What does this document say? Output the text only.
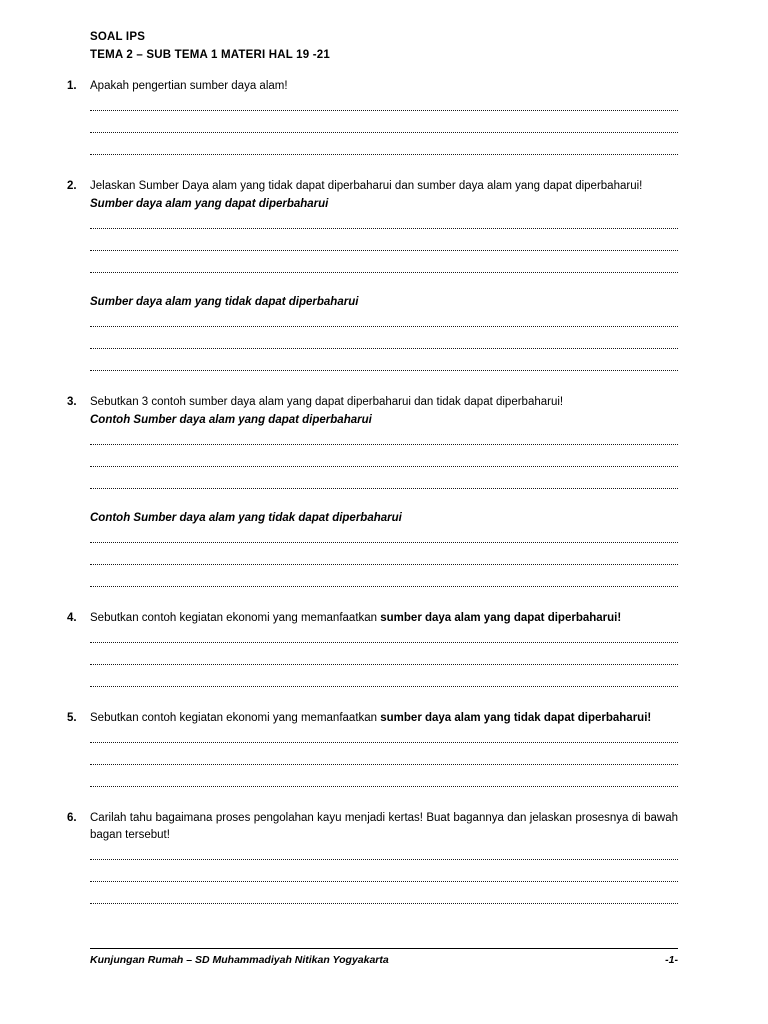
SOAL IPS
TEMA 2 – SUB TEMA 1 MATERI HAL 19 -21
1.	Apakah pengertian sumber daya alam!
2.	Jelaskan Sumber Daya alam yang tidak dapat diperbaharui dan sumber daya alam yang dapat diperbaharui!
Sumber daya alam yang dapat diperbaharui
Sumber daya alam yang tidak dapat diperbaharui
3.	Sebutkan 3 contoh sumber daya alam yang dapat diperbaharui dan tidak dapat diperbaharui!
Contoh Sumber daya alam yang dapat diperbaharui
Contoh Sumber daya alam yang tidak dapat diperbaharui
4.	Sebutkan contoh kegiatan ekonomi yang memanfaatkan sumber daya alam yang dapat diperbaharui!
5.	Sebutkan contoh kegiatan ekonomi yang memanfaatkan sumber daya alam yang tidak dapat diperbaharui!
6.	Carilah tahu bagaimana proses pengolahan kayu menjadi kertas! Buat bagannya dan jelaskan prosesnya di bawah bagan tersebut!
Kunjungan Rumah – SD Muhammadiyah Nitikan Yogyakarta	-1-
